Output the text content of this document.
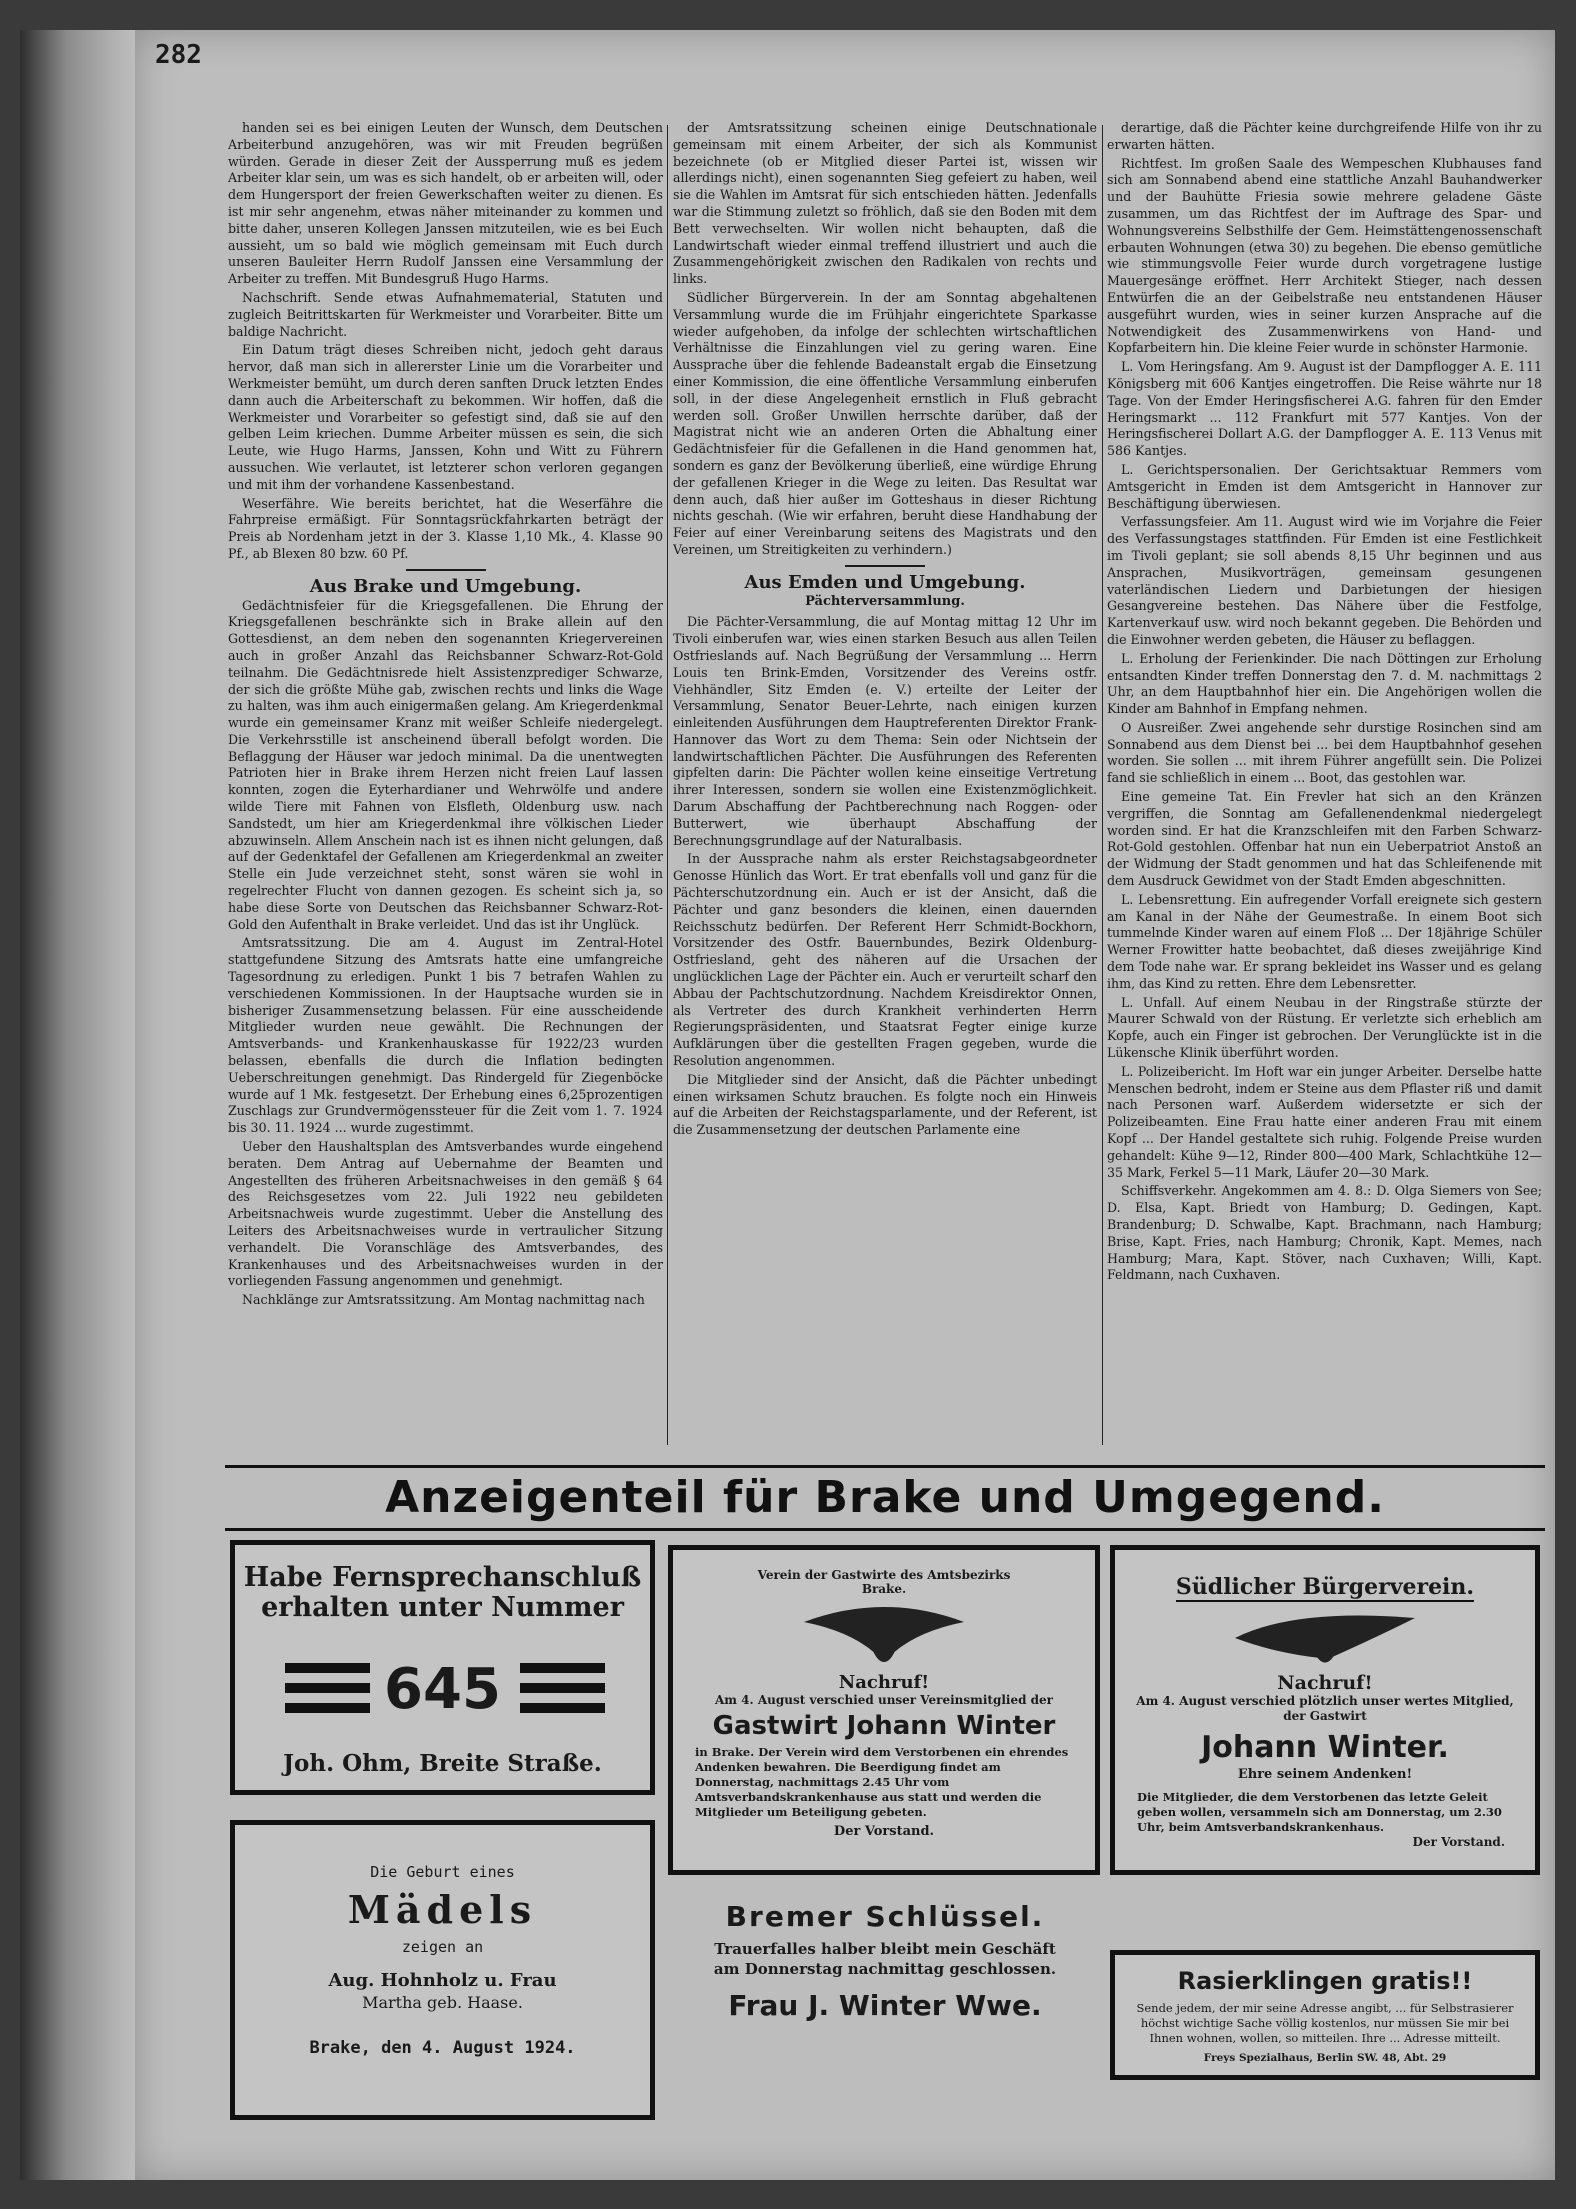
282

handen sei es bei einigen Leuten der Wunsch, dem Deutschen Arbeiterbund anzugehören, was wir mit Freuden begrüßen würden. Gerade in dieser Zeit der Aussperrung muß es jedem Arbeiter klar sein, um was es sich handelt, ob er arbeiten will, oder dem Hungersport der freien Gewerkschaften weiter zu dienen. Es ist mir sehr angenehm, etwas näher miteinander zu kommen und bitte daher, unseren Kollegen Janssen mitzuteilen, wie es bei Euch aussieht, um so bald wie möglich gemeinsam mit Euch durch unseren Bauleiter Herrn Rudolf Janssen eine Versammlung der Arbeiter zu treffen. Mit Bundesgruß Hugo Harms.

Nachschrift. Sende etwas Aufnahmematerial, Statuten und zugleich Beitrittskarten für Werkmeister und Vorarbeiter. Bitte um baldige Nachricht.

Ein Datum trägt dieses Schreiben nicht, jedoch geht daraus hervor, daß man sich in allererster Linie um die Vorarbeiter und Werkmeister bemüht, um durch deren sanften Druck letzten Endes dann auch die Arbeiterschaft zu bekommen. Wir hoffen, daß die Werkmeister und Vorarbeiter so gefestigt sind, daß sie auf den gelben Leim kriechen. Dumme Arbeiter müssen es sein, die sich Leute, wie Hugo Harms, Janssen, Kohn und Witt zu Führern aussuchen. Wie verlautet, ist letzterer schon verloren gegangen und mit ihm der vorhandene Kassenbestand.

Weserfähre. Wie bereits berichtet, hat die Weserfähre die Fahrpreise ermäßigt. Für Sonntagsrückfahrkarten beträgt der Preis ab Nordenham jetzt in der 3. Klasse 1,10 Mk., 4. Klasse 90 Pf., ab Blexen 80 bzw. 60 Pf.

Aus Brake und Umgebung.

Gedächtnisfeier für die Kriegsgefallenen. Die Ehrung der Kriegsgefallenen beschränkte sich in Brake allein auf den Gottesdienst, an dem neben den sogenannten Kriegervereinen auch in großer Anzahl das Reichsbanner Schwarz-Rot-Gold teilnahm. Die Gedächtnisrede hielt Assistenzprediger Schwarze, der sich die größte Mühe gab, zwischen rechts und links die Wage zu halten, was ihm auch einigermaßen gelang. Am Kriegerdenkmal wurde ein gemeinsamer Kranz mit weißer Schleife niedergelegt. Die Verkehrsstille ist anscheinend überall befolgt worden. Die Beflaggung der Häuser war jedoch minimal. Da die unentwegten Patrioten hier in Brake ihrem Herzen nicht freien Lauf lassen konnten, zogen die Eyterhardianer und Wehrwölfe und andere wilde Tiere mit Fahnen von Elsfleth, Oldenburg usw. nach Sandstedt, um hier am Kriegerdenkmal ihre völkischen Lieder abzuwinseln. Allem Anschein nach ist es ihnen nicht gelungen, daß auf der Gedenktafel der Gefallenen am Kriegerdenkmal an zweiter Stelle ein Jude verzeichnet steht, sonst wären sie wohl in regelrechter Flucht von dannen gezogen. Es scheint sich ja, so habe diese Sorte von Deutschen das Reichsbanner Schwarz-Rot-Gold den Aufenthalt in Brake verleidet. Und das ist ihr Unglück.

Amtsratssitzung. Die am 4. August im Zentral-Hotel stattgefundene Sitzung des Amtsrats hatte eine umfangreiche Tagesordnung zu erledigen. Punkt 1 bis 7 betrafen Wahlen zu verschiedenen Kommissionen. In der Hauptsache wurden sie in bisheriger Zusammensetzung belassen. Für eine ausscheidende Mitglieder wurden neue gewählt. Die Rechnungen der Amtsverbands- und Krankenhauskasse für 1922/23 wurden belassen, ebenfalls die durch die Inflation bedingten Ueberschreitungen genehmigt. Das Rindergeld für Ziegenböcke wurde auf 1 Mk. festgesetzt. Der Erhebung eines 6,25prozentigen Zuschlags zur Grundvermögenssteuer für die Zeit vom 1. 7. 1924 bis 30. 11. 1924 ... wurde zugestimmt.

Ueber den Haushaltsplan des Amtsverbandes wurde eingehend beraten. Dem Antrag auf Uebernahme der Beamten und Angestellten des früheren Arbeitsnachweises in den gemäß § 64 des Reichsgesetzes vom 22. Juli 1922 neu gebildeten Arbeitsnachweis wurde zugestimmt. Ueber die Anstellung des Leiters des Arbeitsnachweises wurde in vertraulicher Sitzung verhandelt. Die Voranschläge des Amtsverbandes, des Krankenhauses und des Arbeitsnachweises wurden in der vorliegenden Fassung angenommen und genehmigt.

Nachklänge zur Amtsratssitzung. Am Montag nachmittag nach

der Amtsratssitzung scheinen einige Deutschnationale gemeinsam mit einem Arbeiter, der sich als Kommunist bezeichnete (ob er Mitglied dieser Partei ist, wissen wir allerdings nicht), einen sogenannten Sieg gefeiert zu haben, weil sie die Wahlen im Amtsrat für sich entschieden hätten. Jedenfalls war die Stimmung zuletzt so fröhlich, daß sie den Boden mit dem Bett verwechselten. Wir wollen nicht behaupten, daß die Landwirtschaft wieder einmal treffend illustriert und auch die Zusammengehörigkeit zwischen den Radikalen von rechts und links.

Südlicher Bürgerverein. In der am Sonntag abgehaltenen Versammlung wurde die im Frühjahr eingerichtete Sparkasse wieder aufgehoben, da infolge der schlechten wirtschaftlichen Verhältnisse die Einzahlungen viel zu gering waren. Eine Aussprache über die fehlende Badeanstalt ergab die Einsetzung einer Kommission, die eine öffentliche Versammlung einberufen soll, in der diese Angelegenheit ernstlich in Fluß gebracht werden soll. Großer Unwillen herrschte darüber, daß der Magistrat nicht wie an anderen Orten die Abhaltung einer Gedächtnisfeier für die Gefallenen in die Hand genommen hat, sondern es ganz der Bevölkerung überließ, eine würdige Ehrung der gefallenen Krieger in die Wege zu leiten. Das Resultat war denn auch, daß hier außer im Gotteshaus in dieser Richtung nichts geschah. (Wie wir erfahren, beruht diese Handhabung der Feier auf einer Vereinbarung seitens des Magistrats und den Vereinen, um Streitigkeiten zu verhindern.)

Aus Emden und Umgebung.
Pächterversammlung.

Die Pächter-Versammlung, die auf Montag mittag 12 Uhr im Tivoli einberufen war, wies einen starken Besuch aus allen Teilen Ostfrieslands auf. Nach Begrüßung der Versammlung ... Herrn Louis ten Brink-Emden, Vorsitzender des Vereins ostfr. Viehhändler, Sitz Emden (e. V.) erteilte der Leiter der Versammlung, Senator Beuer-Lehrte, nach einigen kurzen einleitenden Ausführungen dem Hauptreferenten Direktor Frank-Hannover das Wort zu dem Thema: Sein oder Nichtsein der landwirtschaftlichen Pächter. Die Ausführungen des Referenten gipfelten darin: Die Pächter wollen keine einseitige Vertretung ihrer Interessen, sondern sie wollen eine Existenzmöglichkeit. Darum Abschaffung der Pachtberechnung nach Roggen- oder Butterwert, wie überhaupt Abschaffung der Berechnungsgrundlage auf der Naturalbasis.

In der Aussprache nahm als erster Reichstagsabgeordneter Genosse Hünlich das Wort. Er trat ebenfalls voll und ganz für die Pächterschutzordnung ein. Auch er ist der Ansicht, daß die Pächter und ganz besonders die kleinen, einen dauernden Reichsschutz bedürfen. Der Referent Herr Schmidt-Bockhorn, Vorsitzender des Ostfr. Bauernbundes, Bezirk Oldenburg-Ostfriesland, geht des näheren auf die Ursachen der unglücklichen Lage der Pächter ein. Auch er verurteilt scharf den Abbau der Pachtschutzordnung. Nachdem Kreisdirektor Onnen, als Vertreter des durch Krankheit verhinderten Herrn Regierungspräsidenten, und Staatsrat Fegter einige kurze Aufklärungen über die gestellten Fragen gegeben, wurde die Resolution angenommen.

Die Mitglieder sind der Ansicht, daß die Pächter unbedingt einen wirksamen Schutz brauchen. Es folgte noch ein Hinweis auf die Arbeiten der Reichstagsparlamente, und der Referent, ist die Zusammensetzung der deutschen Parlamente eine

derartige, daß die Pächter keine durchgreifende Hilfe von ihr zu erwarten hätten.

Richtfest. Im großen Saale des Wempeschen Klubhauses fand sich am Sonnabend abend eine stattliche Anzahl Bauhandwerker und der Bauhütte Friesia sowie mehrere geladene Gäste zusammen, um das Richtfest der im Auftrage des Spar- und Wohnungsvereins Selbsthilfe der Gem. Heimstättengenossenschaft erbauten Wohnungen (etwa 30) zu begehen. Die ebenso gemütliche wie stimmungsvolle Feier wurde durch vorgetragene lustige Mauergesänge eröffnet. Herr Architekt Stieger, nach dessen Entwürfen die an der Geibelstraße neu entstandenen Häuser ausgeführt wurden, wies in seiner kurzen Ansprache auf die Notwendigkeit des Zusammenwirkens von Hand- und Kopfarbeitern hin. Die kleine Feier wurde in schönster Harmonie.

L. Vom Heringsfang. Am 9. August ist der Dampflogger A. E. 111 Königsberg mit 606 Kantjes eingetroffen. Die Reise währte nur 18 Tage. Von der Emder Heringsfischerei A.G. fahren für den Emder Heringsmarkt ... 112 Frankfurt mit 577 Kantjes. Von der Heringsfischerei Dollart A.G. der Dampflogger A. E. 113 Venus mit 586 Kantjes.

L. Gerichtspersonalien. Der Gerichtsaktuar Remmers vom Amtsgericht in Emden ist dem Amtsgericht in Hannover zur Beschäftigung überwiesen.

Verfassungsfeier. Am 11. August wird wie im Vorjahre die Feier des Verfassungstages stattfinden. Für Emden ist eine Festlichkeit im Tivoli geplant; sie soll abends 8,15 Uhr beginnen und aus Ansprachen, Musikvorträgen, gemeinsam gesungenen vaterländischen Liedern und Darbietungen der hiesigen Gesangvereine bestehen. Das Nähere über die Festfolge, Kartenverkauf usw. wird noch bekannt gegeben. Die Behörden und die Einwohner werden gebeten, die Häuser zu beflaggen.

L. Erholung der Ferienkinder. Die nach Döttingen zur Erholung entsandten Kinder treffen Donnerstag den 7. d. M. nachmittags 2 Uhr, an dem Hauptbahnhof hier ein. Die Angehörigen wollen die Kinder am Bahnhof in Empfang nehmen.

O Ausreißer. Zwei angehende sehr durstige Rosinchen sind am Sonnabend aus dem Dienst bei ... bei dem Hauptbahnhof gesehen worden. Sie sollen ... mit ihrem Führer angefüllt sein. Die Polizei fand sie schließlich in einem ... Boot, das gestohlen war.

Eine gemeine Tat. Ein Frevler hat sich an den Kränzen vergriffen, die Sonntag am Gefallenendenkmal niedergelegt worden sind. Er hat die Kranzschleifen mit den Farben Schwarz-Rot-Gold gestohlen. Offenbar hat nun ein Ueberpatriot Anstoß an der Widmung der Stadt genommen und hat das Schleifenende mit dem Ausdruck Gewidmet von der Stadt Emden abgeschnitten.

L. Lebensrettung. Ein aufregender Vorfall ereignete sich gestern am Kanal in der Nähe der Geumestraße. In einem Boot sich tummelnde Kinder waren auf einem Floß ... Der 18jährige Schüler Werner Frowitter hatte beobachtet, daß dieses zweijährige Kind dem Tode nahe war. Er sprang bekleidet ins Wasser und es gelang ihm, das Kind zu retten. Ehre dem Lebensretter.

L. Unfall. Auf einem Neubau in der Ringstraße stürzte der Maurer Schwald von der Rüstung. Er verletzte sich erheblich am Kopfe, auch ein Finger ist gebrochen. Der Verunglückte ist in die Lükensche Klinik überführt worden.

L. Polizeibericht. Im Hoft war ein junger Arbeiter. Derselbe hatte Menschen bedroht, indem er Steine aus dem Pflaster riß und damit nach Personen warf. Außerdem widersetzte er sich der Polizeibeamten. Eine Frau hatte einer anderen Frau mit einem Kopf ... Der Handel gestaltete sich ruhig. Folgende Preise wurden gehandelt: Kühe 9—12, Rinder 800—400 Mark, Schlachtkühe 12—35 Mark, Ferkel 5—11 Mark, Läufer 20—30 Mark.

Schiffsverkehr. Angekommen am 4. 8.: D. Olga Siemers von See; D. Elsa, Kapt. Briedt von Hamburg; D. Gedingen, Kapt. Brandenburg; D. Schwalbe, Kapt. Brachmann, nach Hamburg; Brise, Kapt. Fries, nach Hamburg; Chronik, Kapt. Memes, nach Hamburg; Mara, Kapt. Stöver, nach Cuxhaven; Willi, Kapt. Feldmann, nach Cuxhaven.

Anzeigenteil für Brake und Umgegend.
Habe Fernsprechanschluß
erhalten unter Nummer
645
Joh. Ohm, Breite Straße.
Die Geburt eines
Mädels
zeigen an
Aug. Hohnholz u. Frau
Martha geb. Haase.
Brake, den 4. August 1924.
Verein der Gastwirte des Amtsbezirks
Brake.
Nachruf!
Am 4. August verschied unser Vereinsmitglied der
Gastwirt Johann Winter
in Brake. Der Verein wird dem Verstorbenen ein ehrendes Andenken bewahren. Die Beerdigung findet am Donnerstag, nachmittags 2.45 Uhr vom Amtsverbandskrankenhause aus statt und werden die Mitglieder um Beteiligung gebeten.
Der Vorstand.
Bremer Schlüssel.
Trauerfalles halber bleibt mein Geschäft
am Donnerstag nachmittag geschlossen.
Frau J. Winter Wwe.
Südlicher Bürgerverein.
Nachruf!
Am 4. August verschied plötzlich unser wertes Mitglied, der Gastwirt
Johann Winter.
Ehre seinem Andenken!
Die Mitglieder, die dem Verstorbenen das letzte Geleit geben wollen, versammeln sich am Donnerstag, um 2.30 Uhr, beim Amtsverbandskrankenhaus.
Der Vorstand.
Rasierklingen gratis!!
Sende jedem, der mir seine Adresse angibt, ... für Selbstrasierer höchst wichtige Sache völlig kostenlos, nur müssen Sie mir bei Ihnen wohnen, wollen, so mitteilen. Ihre ... Adresse mitteilt.
Freys Spezialhaus, Berlin SW. 48, Abt. 29
